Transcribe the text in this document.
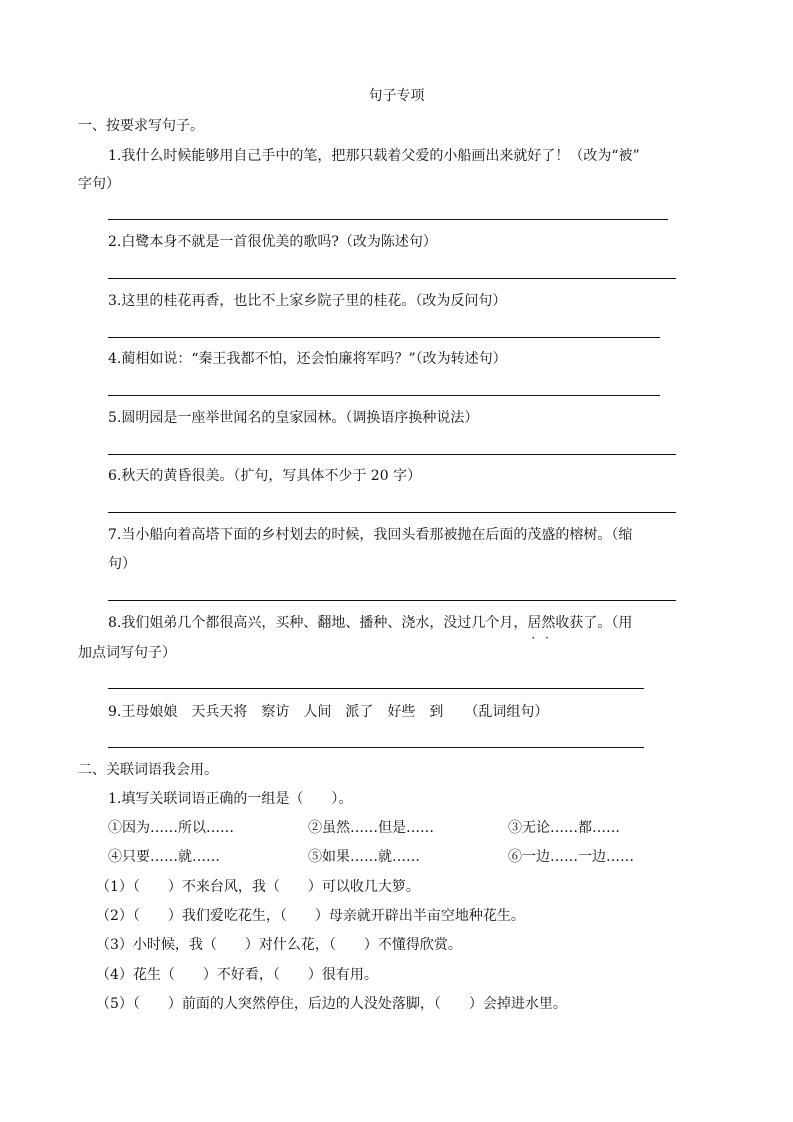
句子专项
一、按要求写句子。
1.我什么时候能够用自己手中的笔，把那只载着父爱的小船画出来就好了！（改为“被”
字句）
2.白鹭本身不就是一首很优美的歌吗?（改为陈述句）
3.这里的桂花再香，也比不上家乡院子里的桂花。（改为反问句）
4.蔺相如说：“秦王我都不怕，还会怕廉将军吗？”（改为转述句）
5.圆明园是一座举世闻名的皇家园林。（调换语序换种说法）
6.秋天的黄昏很美。（扩句，写具体不少于 20 字）
7.当小船向着高塔下面的乡村划去的时候，我回头看那被抛在后面的茂盛的榕树。（缩
句）
8.我们姐弟几个都很高兴，买种、翻地、播种、浇水，没过几个月，居然 · ·收获了。（用
加点词写句子）
9.王母娘娘　天兵天将　察访　人间　派了　好些　到　　（乱词组句）
二、关联词语我会用。
1.填写关联词语正确的一组是（　　）。
①因为……所以……	②虽然……但是……	③无论……都……
④只要……就……	⑤如果……就……	⑥一边……一边……
（1）（　　）不来台风，我（　　）可以收几大箩。
（2）（　　）我们爱吃花生，（　　）母亲就开辟出半亩空地种花生。
（3）小时候，我（　　）对什么花，（　　）不懂得欣赏。
（4）花生（　　）不好看，（　　）很有用。
（5）（　　）前面的人突然停住，后边的人没处落脚，（　　）会掉进水里。
